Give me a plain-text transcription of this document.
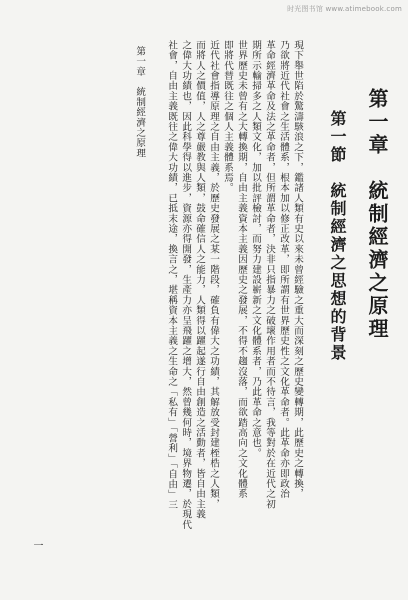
时光图书馆 www.atimebook.com
第一章　統制經濟之原理
第一節　統制經濟之思想的背景
現下舉世陷於驚濤駭浪之下，鑑諸人類有史以來未曾經驗之重大而深刻之歷史變轉期，此歷史之轉換，
乃欲將近代社會之生活體系，根本加以修正改革，即所謂有世界歷史性之文化革命者。此革命亦即政治
革命經濟革命及法之革命者，但所謂革命者，決非只指暴力之破壞作用者而不待言，我等對於在近代之初
期所示輸掃多之人類文化，加以批評檢討，而努力建設嶄新之文化體系者，乃此革命之意也。
世界歷史未曾有之大轉換期，自由主義資本主義因歷史之發展，不得不趨沒落，而欲踏高向之文化體系
即將代替既往之個人主義體系焉。
近代社會指導原理之自由主義，於歷史發展之某一階段，確負有偉大之功績，其解放受封建桎梏之人類，
而將人之價值，人之尊嚴教與人類，鼓命確信人之能力，人類得以躍起遂行自由創造之活動者，皆自由主義
之偉大功績也，因此科學得以進步，資源亦得開發，生產力亦呈飛躍之增大，然曾幾何時，境界物遷，於現代
社會，自由主義既往之偉大功績，已抵末途，換言之，堪稱資本主義之生命之「私有」「營利」「自由」三
第一章　統制經濟之原理
一
